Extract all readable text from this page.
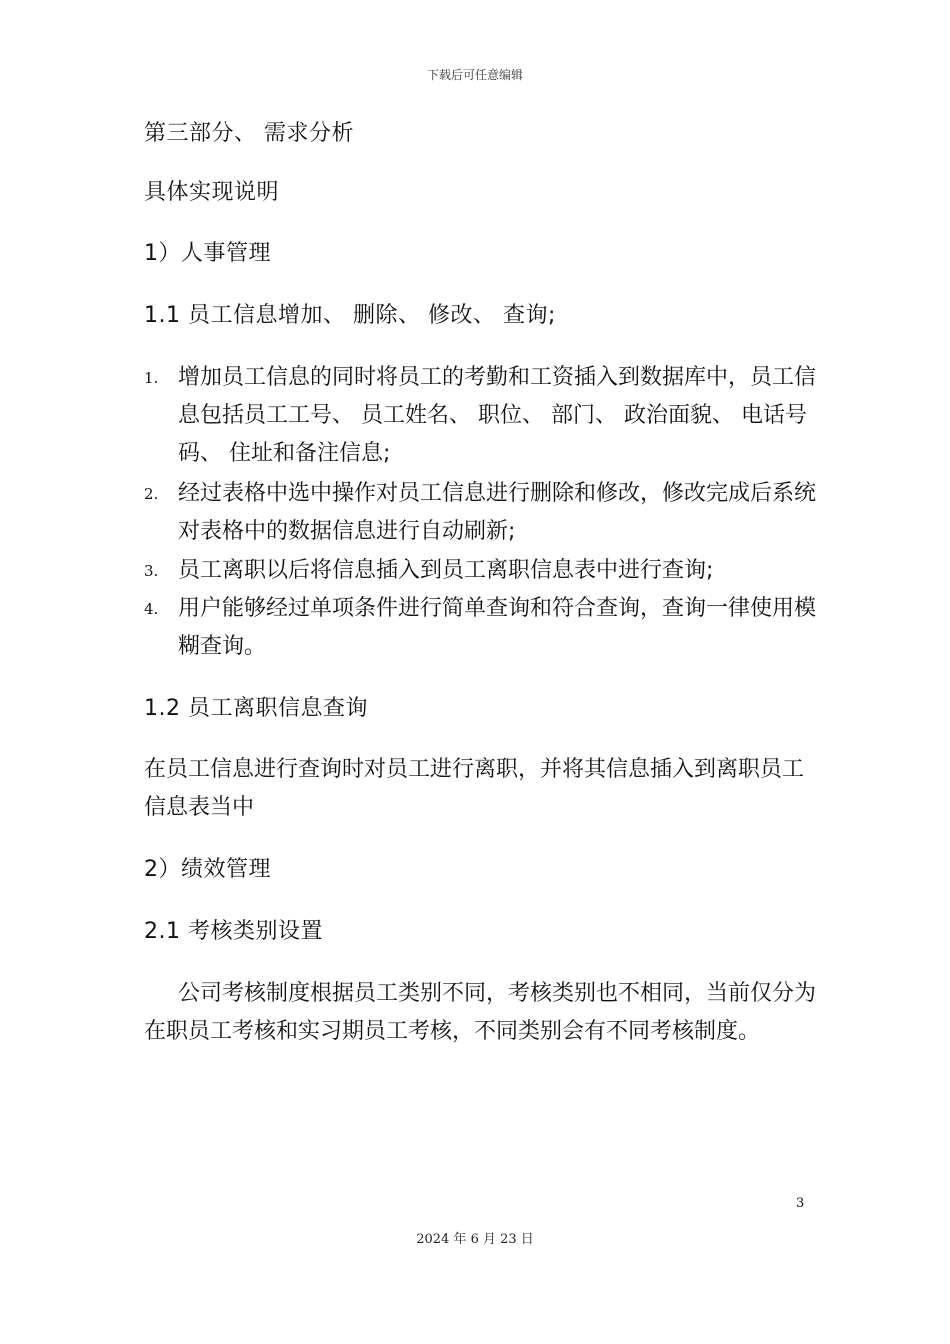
下载后可任意编辑
第三部分、 需求分析
具体实现说明
1）人事管理
1.1 员工信息增加、 删除、 修改、 查询;
1. 增加员工信息的同时将员工的考勤和工资插入到数据库中，员工信息包括员工工号、 员工姓名、 职位、 部门、 政治面貌、 电话号码、 住址和备注信息;
2. 经过表格中选中操作对员工信息进行删除和修改，修改完成后系统对表格中的数据信息进行自动刷新;
3. 员工离职以后将信息插入到员工离职信息表中进行查询;
4. 用户能够经过单项条件进行简单查询和符合查询，查询一律使用模糊查询。
1.2 员工离职信息查询
在员工信息进行查询时对员工进行离职，并将其信息插入到离职员工信息表当中
2）绩效管理
2.1 考核类别设置
公司考核制度根据员工类别不同，考核类别也不相同，当前仅分为在职员工考核和实习期员工考核，不同类别会有不同考核制度。
3
2024 年 6 月 23 日
